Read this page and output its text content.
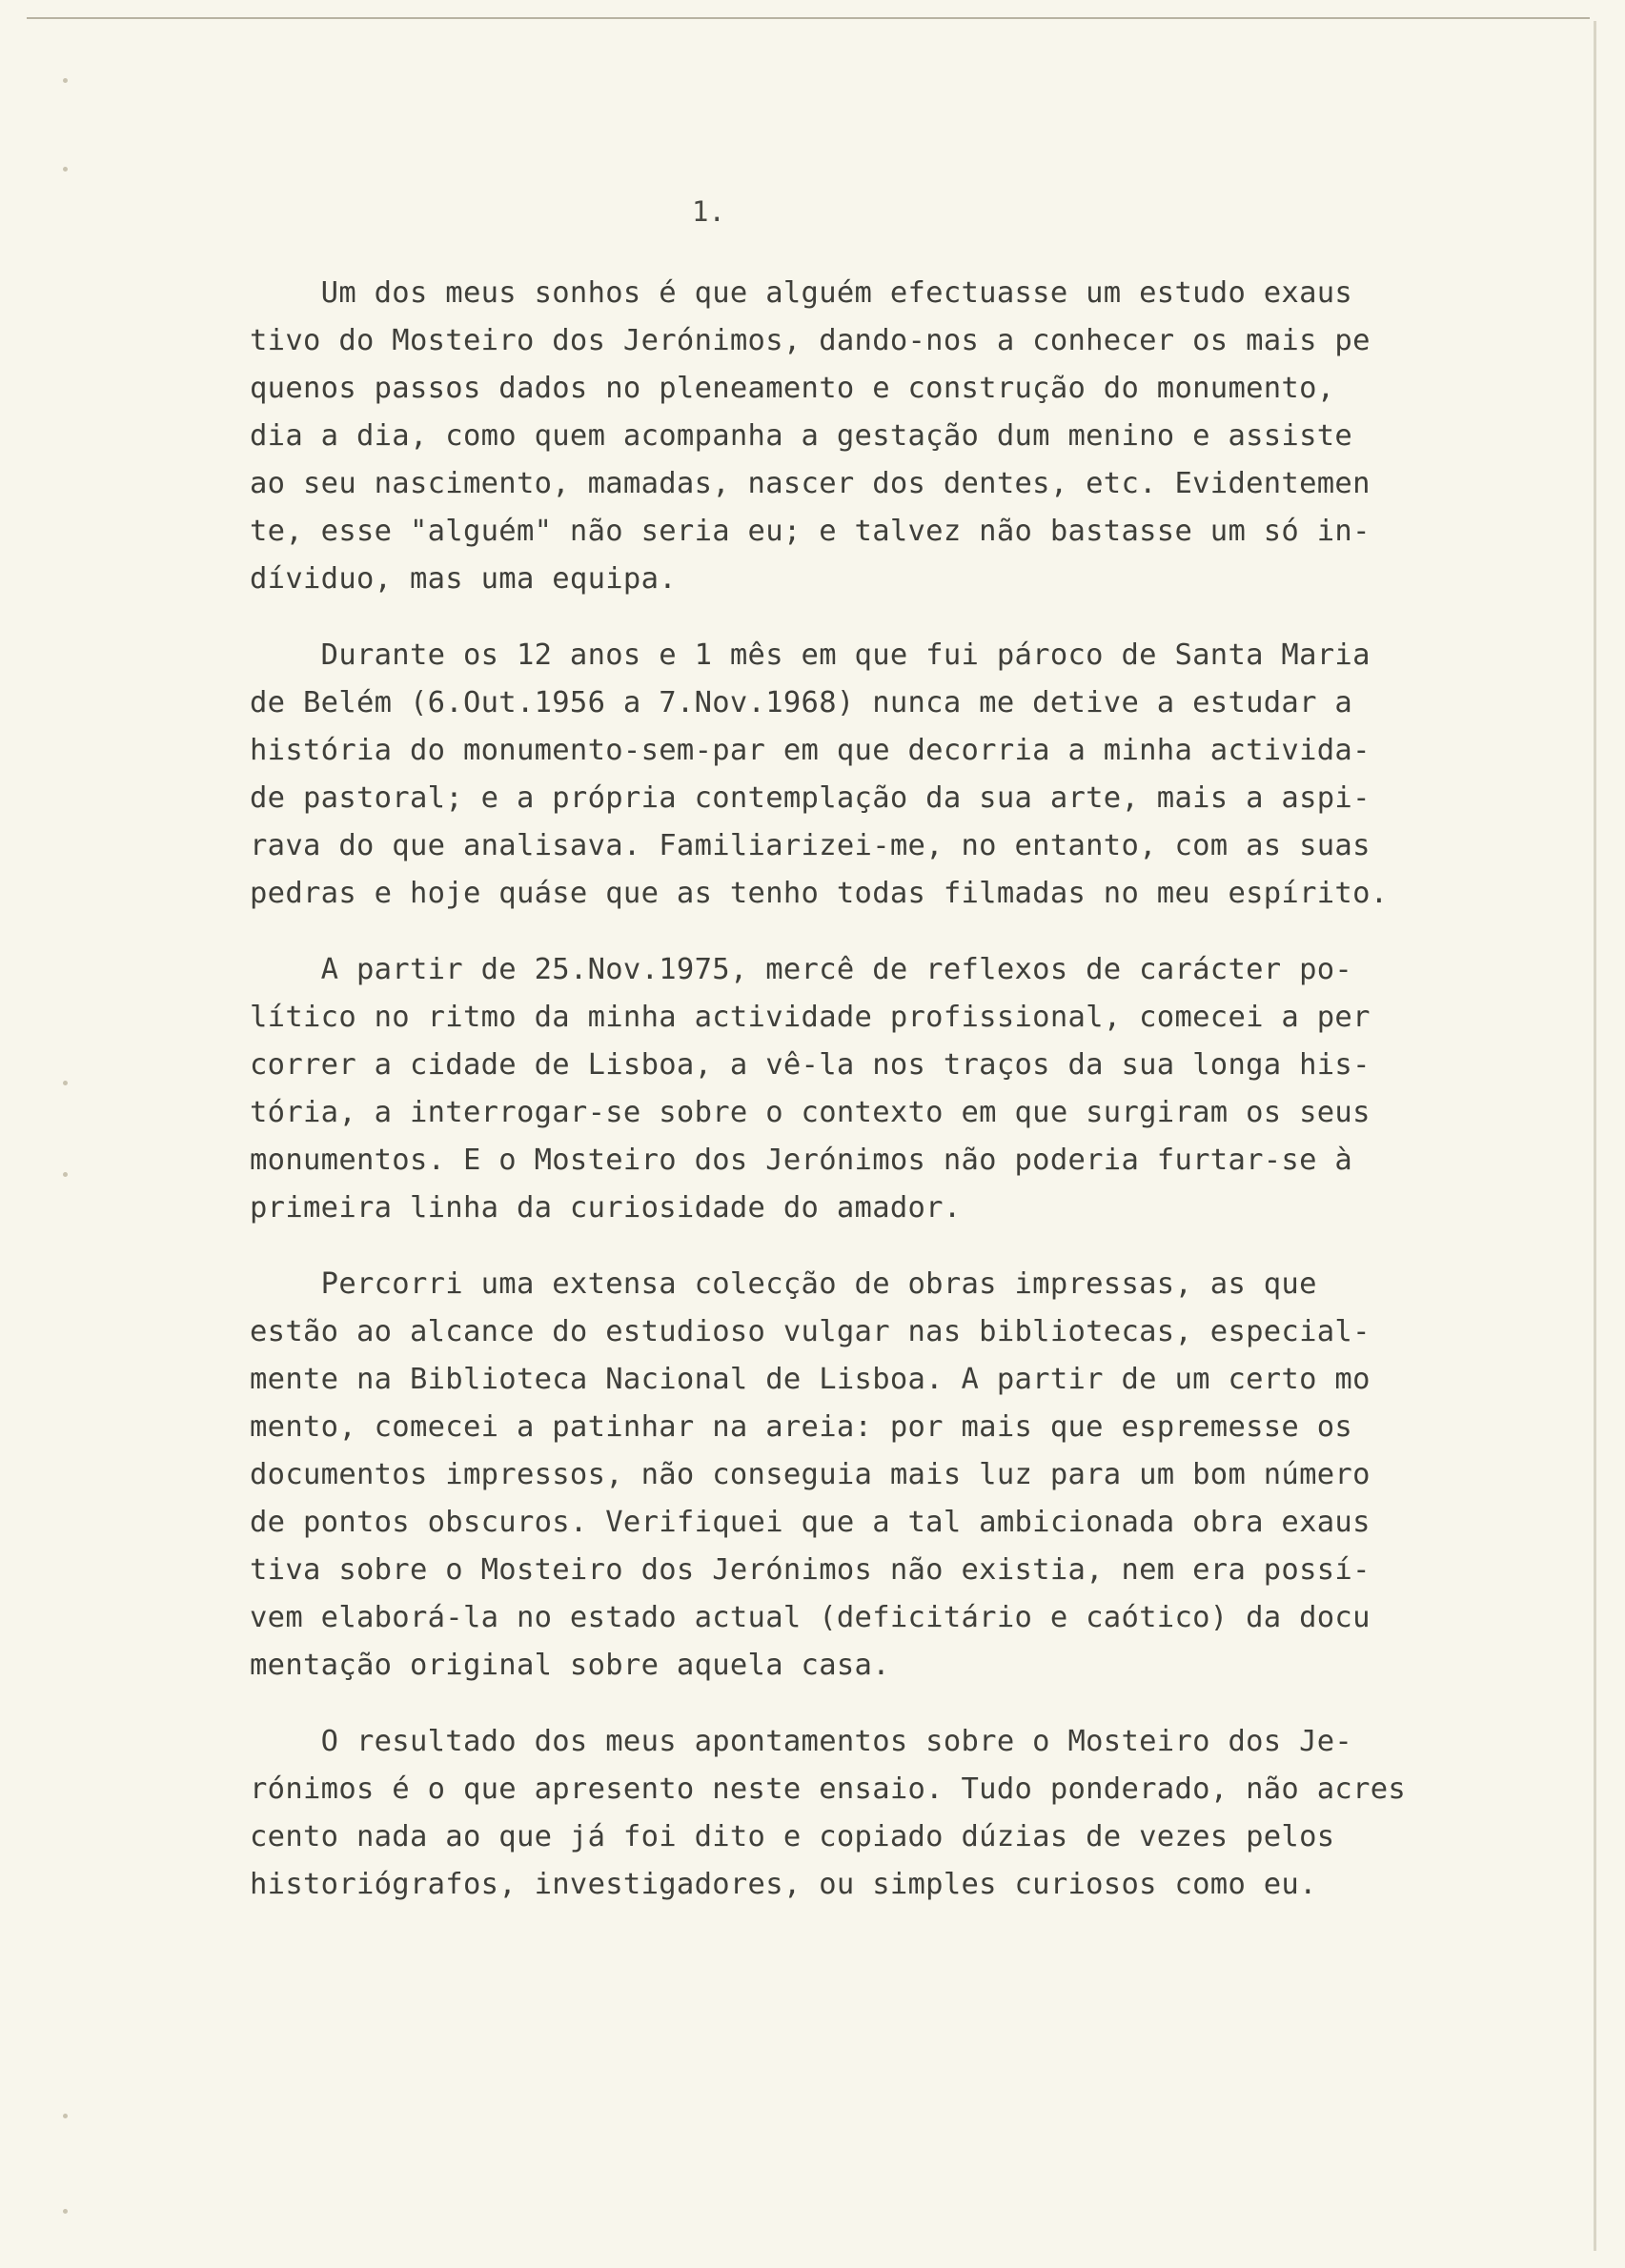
1.
Um dos meus sonhos é que alguém efectuasse um estudo exaus
tivo do Mosteiro dos Jerónimos, dando-nos a conhecer os mais pe
quenos passos dados no pleneamento e construção do monumento,
dia a dia, como quem acompanha a gestação dum menino e assiste
ao seu nascimento, mamadas, nascer dos dentes, etc. Evidentemen
te, esse "alguém" não seria eu; e talvez não bastasse um só in-
díviduo, mas uma equipa.
Durante os 12 anos e 1 mês em que fui pároco de Santa Maria
de Belém (6.Out.1956 a 7.Nov.1968) nunca me detive a estudar a
história do monumento-sem-par em que decorria a minha activida-
de pastoral; e a própria contemplação da sua arte, mais a aspi-
rava do que analisava. Familiarizei-me, no entanto, com as suas
pedras e hoje quáse que as tenho todas filmadas no meu espírito.
A partir de 25.Nov.1975, mercê de reflexos de carácter po-
lítico no ritmo da minha actividade profissional, comecei a per
correr a cidade de Lisboa, a vê-la nos traços da sua longa his-
tória, a interrogar-se sobre o contexto em que surgiram os seus
monumentos. E o Mosteiro dos Jerónimos não poderia furtar-se à
primeira linha da curiosidade do amador.
Percorri uma extensa colecção de obras impressas, as que
estão ao alcance do estudioso vulgar nas bibliotecas, especial-
mente na Biblioteca Nacional de Lisboa. A partir de um certo mo
mento, comecei a patinhar na areia: por mais que espremesse os
documentos impressos, não conseguia mais luz para um bom número
de pontos obscuros. Verifiquei que a tal ambicionada obra exaus
tiva sobre o Mosteiro dos Jerónimos não existia, nem era possí-
vem elaborá-la no estado actual (deficitário e caótico) da docu
mentação original sobre aquela casa.
O resultado dos meus apontamentos sobre o Mosteiro dos Je-
rónimos é o que apresento neste ensaio. Tudo ponderado, não acres
cento nada ao que já foi dito e copiado dúzias de vezes pelos
historiógrafos, investigadores, ou simples curiosos como eu.
